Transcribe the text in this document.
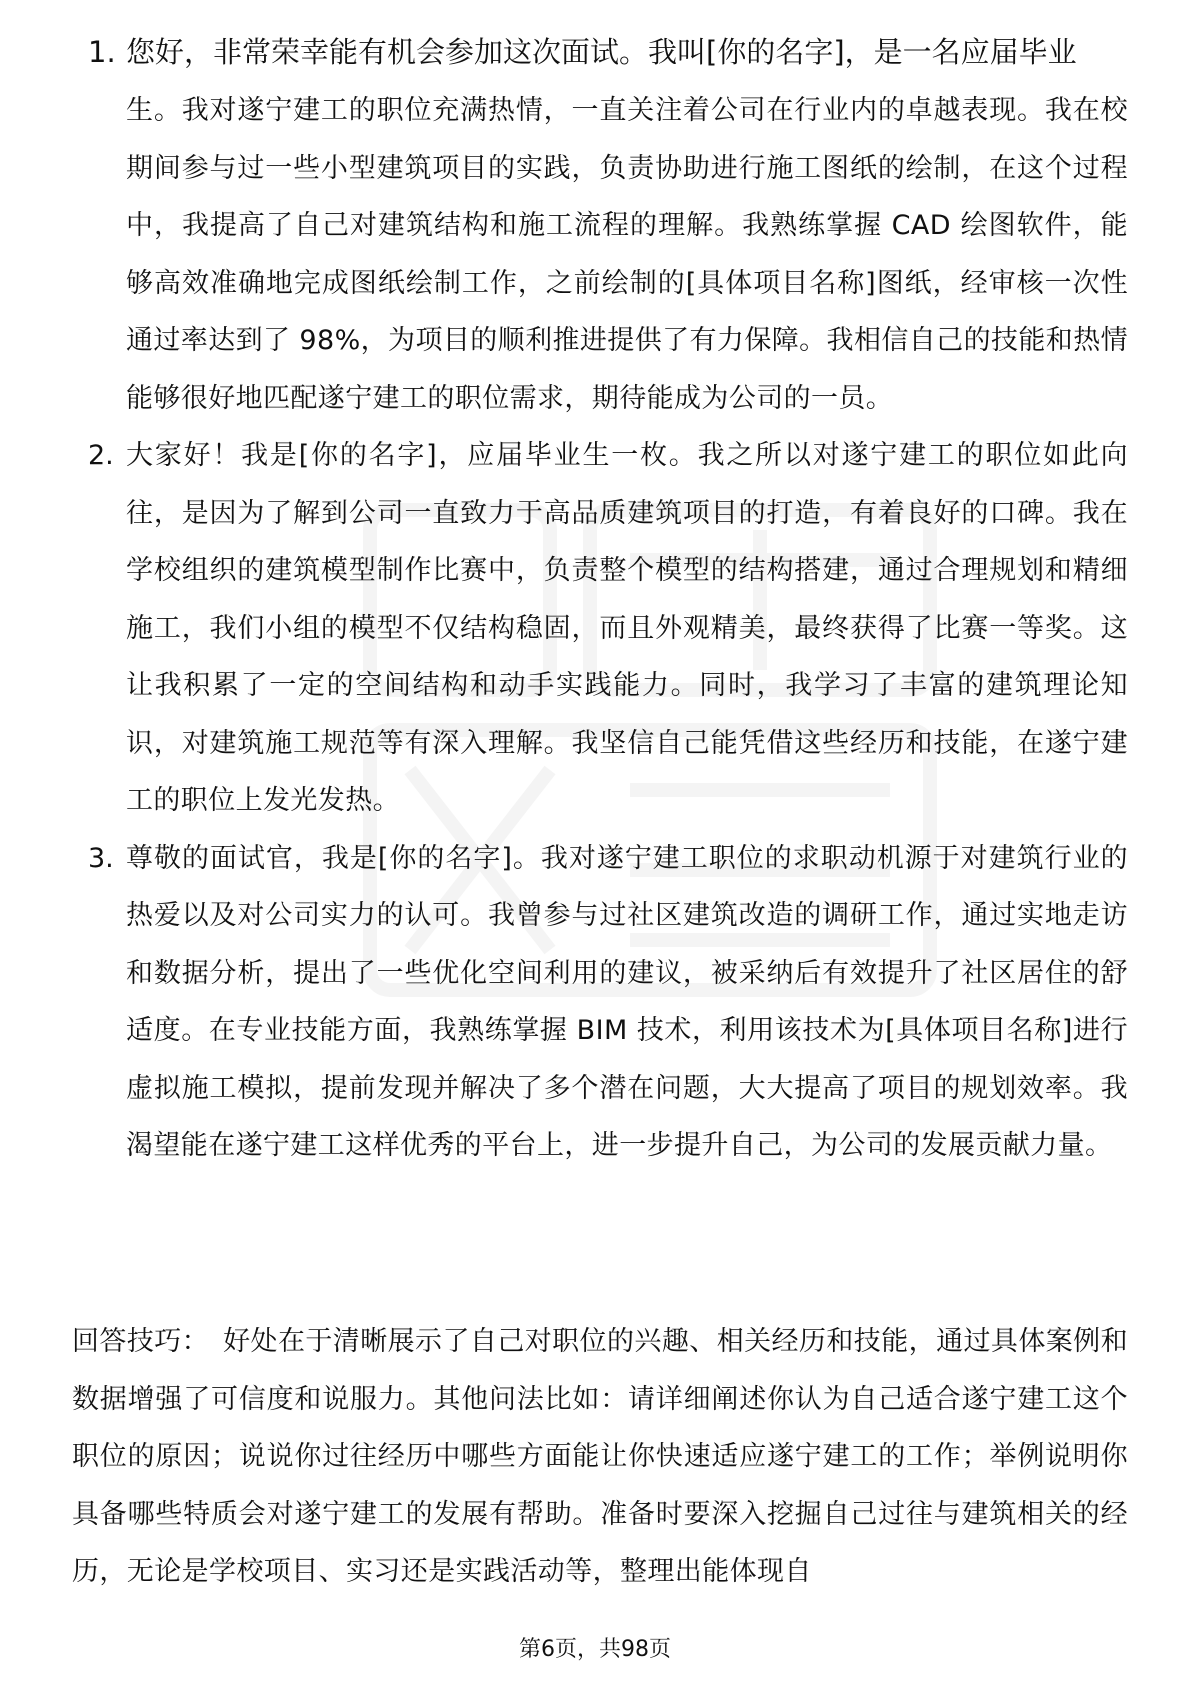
1. 您好，非常荣幸能有机会参加这次面试。我叫[你的名字]，是一名应届毕业
生。我对遂宁建工的职位充满热情，一直关注着公司在行业内的卓越表现。我在校期间参与过一些小型建筑项目的实践，负责协助进行施工图纸的绘制，在这个过程中，我提高了自己对建筑结构和施工流程的理解。我熟练掌握 CAD 绘图软件，能够高效准确地完成图纸绘制工作，之前绘制的[具体项目名称]图纸，经审核一次性通过率达到了 98%，为项目的顺利推进提供了有力保障。我相信自己的技能和热情能够很好地匹配遂宁建工的职位需求，期待能成为公司的一员。
2. 大家好！我是[你的名字]，应届毕业生一枚。我之所以对遂宁建工的职位如此向往，是因为了解到公司一直致力于高品质建筑项目的打造，有着良好的口碑。我在学校组织的建筑模型制作比赛中，负责整个模型的结构搭建，通过合理规划和精细施工，我们小组的模型不仅结构稳固，而且外观精美，最终获得了比赛一等奖。这让我积累了一定的空间结构和动手实践能力。同时，我学习了丰富的建筑理论知识，对建筑施工规范等有深入理解。我坚信自己能凭借这些经历和技能，在遂宁建工的职位上发光发热。
3. 尊敬的面试官，我是[你的名字]。我对遂宁建工职位的求职动机源于对建筑行业的热爱以及对公司实力的认可。我曾参与过社区建筑改造的调研工作，通过实地走访和数据分析，提出了一些优化空间利用的建议，被采纳后有效提升了社区居住的舒适度。在专业技能方面，我熟练掌握 BIM 技术，利用该技术为[具体项目名称]进行虚拟施工模拟，提前发现并解决了多个潜在问题，大大提高了项目的规划效率。我渴望能在遂宁建工这样优秀的平台上，进一步提升自己，为公司的发展贡献力量。
回答技巧： 好处在于清晰展示了自己对职位的兴趣、相关经历和技能，通过具体案例和数据增强了可信度和说服力。其他问法比如：请详细阐述你认为自己适合遂宁建工这个职位的原因；说说你过往经历中哪些方面能让你快速适应遂宁建工的工作；举例说明你具备哪些特质会对遂宁建工的发展有帮助。准备时要深入挖掘自己过往与建筑相关的经历，无论是学校项目、实习还是实践活动等，整理出能体现自
第6页，共98页
